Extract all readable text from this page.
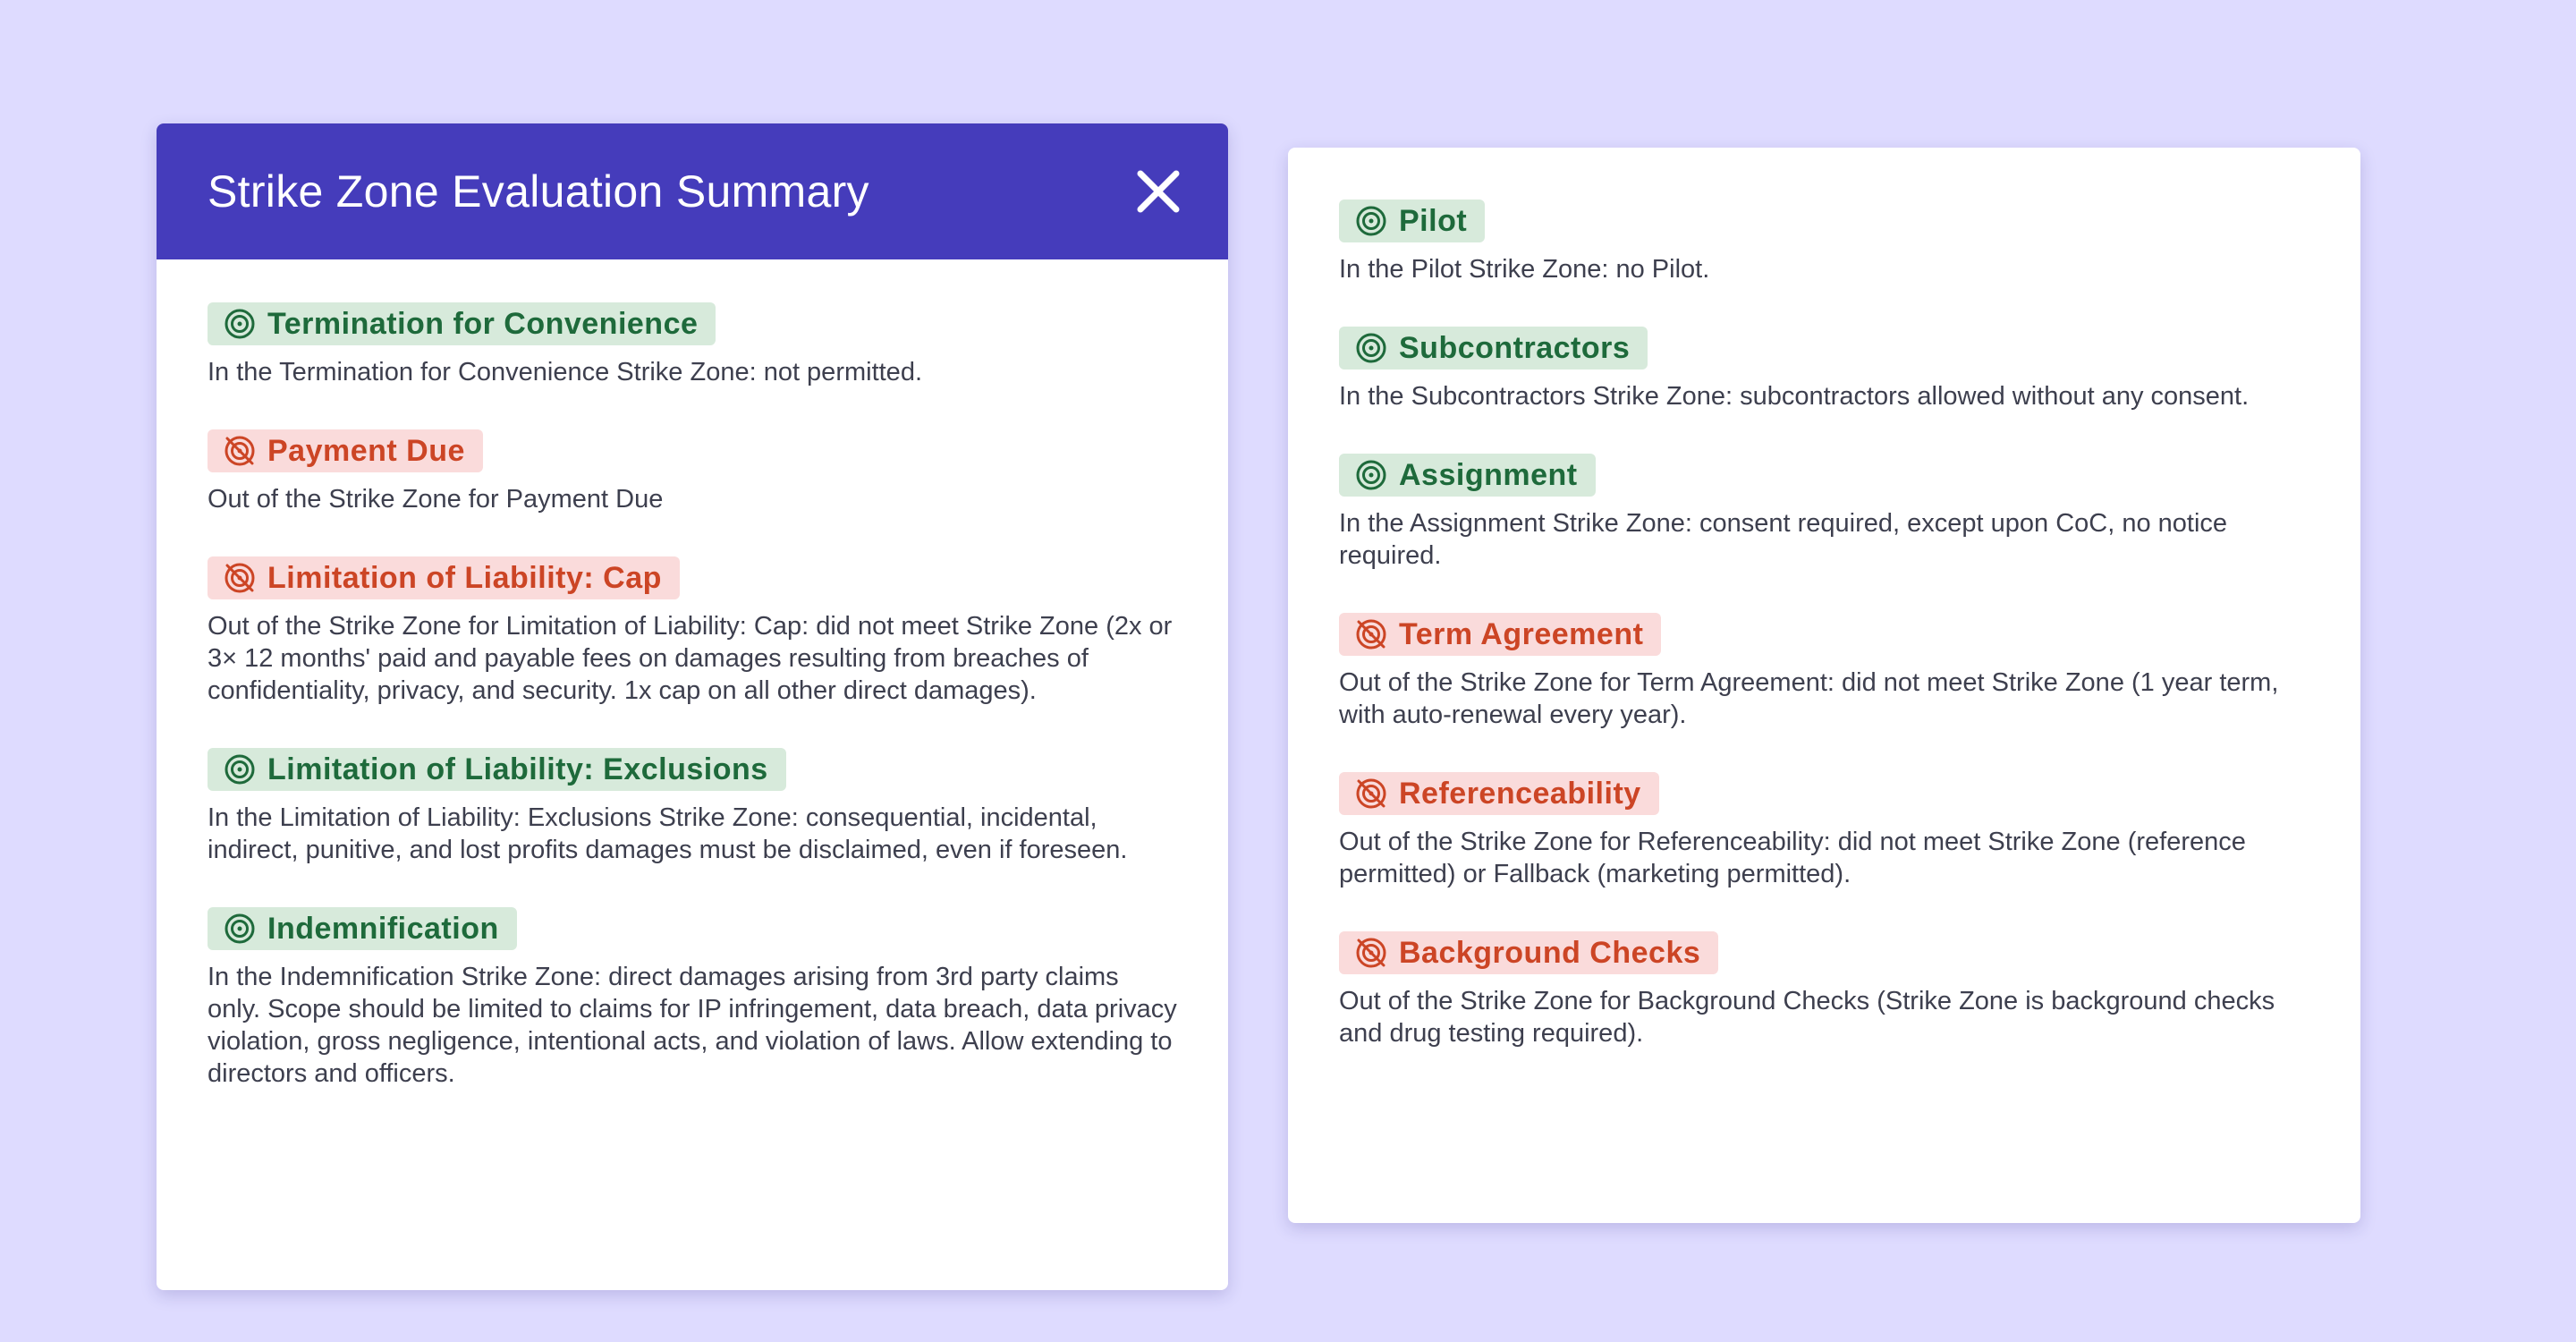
Strike Zone Evaluation Summary
Termination for Convenience
In the Termination for Convenience Strike Zone: not permitted.
Payment Due
Out of the Strike Zone for Payment Due
Limitation of Liability: Cap
Out of the Strike Zone for Limitation of Liability: Cap: did not meet Strike Zone (2x or 3× 12 months' paid and payable fees on damages resulting from breaches of confidentiality, privacy, and security. 1x cap on all other direct damages).
Limitation of Liability: Exclusions
In the Limitation of Liability: Exclusions Strike Zone: consequential, incidental, indirect, punitive, and lost profits damages must be disclaimed, even if foreseen.
Indemnification
In the Indemnification Strike Zone: direct damages arising from 3rd party claims only. Scope should be limited to claims for IP infringement, data breach, data privacy violation, gross negligence, intentional acts, and violation of laws. Allow extending to directors and officers.
Pilot
In the Pilot Strike Zone: no Pilot.
Subcontractors
In the Subcontractors Strike Zone: subcontractors allowed without any consent.
Assignment
In the Assignment Strike Zone: consent required, except upon CoC, no notice required.
Term Agreement
Out of the Strike Zone for Term Agreement: did not meet Strike Zone (1 year term, with auto-renewal every year).
Referenceability
Out of the Strike Zone for Referenceability: did not meet Strike Zone (reference permitted) or Fallback (marketing permitted).
Background Checks
Out of the Strike Zone for Background Checks (Strike Zone is background checks and drug testing required).
